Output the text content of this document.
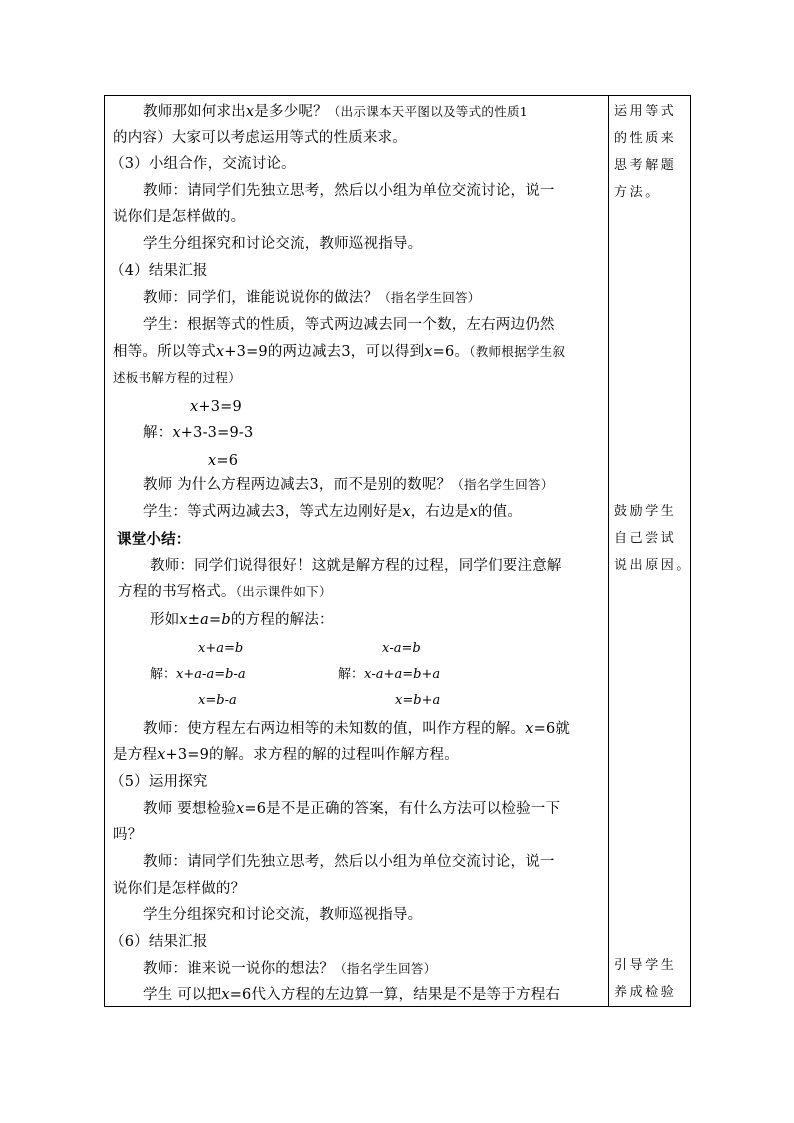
教师那如何求出x是多少呢？（出示课本天平图以及等式的性质1
的内容）大家可以考虑运用等式的性质来求。
（3）小组合作，交流讨论。
教师：请同学们先独立思考，然后以小组为单位交流讨论，说一
说你们是怎样做的。
学生分组探究和讨论交流，教师巡视指导。
（4）结果汇报
教师：同学们，谁能说说你的做法？（指名学生回答）
学生：根据等式的性质，等式两边减去同一个数，左右两边仍然
相等。所以等式x+3=9的两边减去3，可以得到x=6。（教师根据学生叙
述板书解方程的过程）
x+3=9
解：x+3-3=9-3
x=6
教师 为什么方程两边减去3，而不是别的数呢？（指名学生回答）
学生：等式两边减去3，等式左边刚好是x，右边是x的值。
课堂小结：
教师：同学们说得很好！这就是解方程的过程，同学们要注意解
方程的书写格式。（出示课件如下）
形如x±a=b的方程的解法：
x+a=b
解：x+a-a=b-a
x=b-a
x-a=b
解：x-a+a=b+a
x=b+a
教师：使方程左右两边相等的未知数的值，叫作方程的解。x=6就
是方程x+3=9的解。求方程的解的过程叫作解方程。
（5）运用探究
教师 要想检验x=6是不是正确的答案，有什么方法可以检验一下
吗？
教师：请同学们先独立思考，然后以小组为单位交流讨论，说一
说你们是怎样做的？
学生分组探究和讨论交流，教师巡视指导。
（6）结果汇报
教师：谁来说一说你的想法？（指名学生回答）
学生 可以把x=6代入方程的左边算一算，结果是不是等于方程右
运用等式
的性质来
思考解题
方法。
鼓励学生
自己尝试
说出原因。
引导学生
养成检验
